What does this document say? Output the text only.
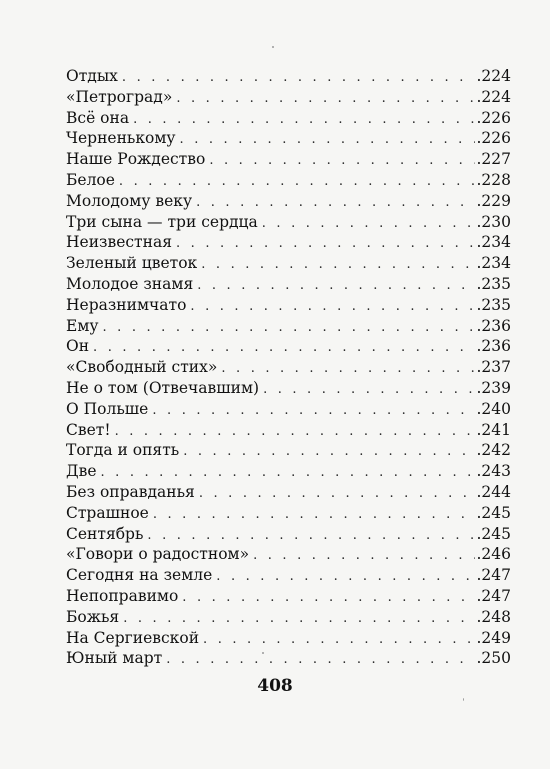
Отдых . . .	.224
«Петроград» . . .	.224
Всё она . . .	.226
Черненькому . . .	.226
Наше Рождество . . .	.227
Белое . . .	.228
Молодому веку . . .	.229
Три сына — три сердца . . .	.230
Неизвестная . . .	.234
Зеленый цветок . . .	.234
Молодое знамя . . .	.235
Неразнимчато . . .	.235
Ему . . .	.236
Он . . .	.236
«Свободный стих» . . .	.237
Не о том (Отвечавшим) . . .	.239
О Польше . . .	.240
Свет! . . .	.241
Тогда и опять . . .	.242
Две . . .	.243
Без оправданья . . .	.244
Страшное . . .	.245
Сентябрь . . .	.245
«Говори о радостном» . . .	.246
Сегодня на земле . . .	.247
Непоправимо . . .	.247
Божья . . .	.248
На Сергиевской . . .	.249
Юный март . . .	.250
408
